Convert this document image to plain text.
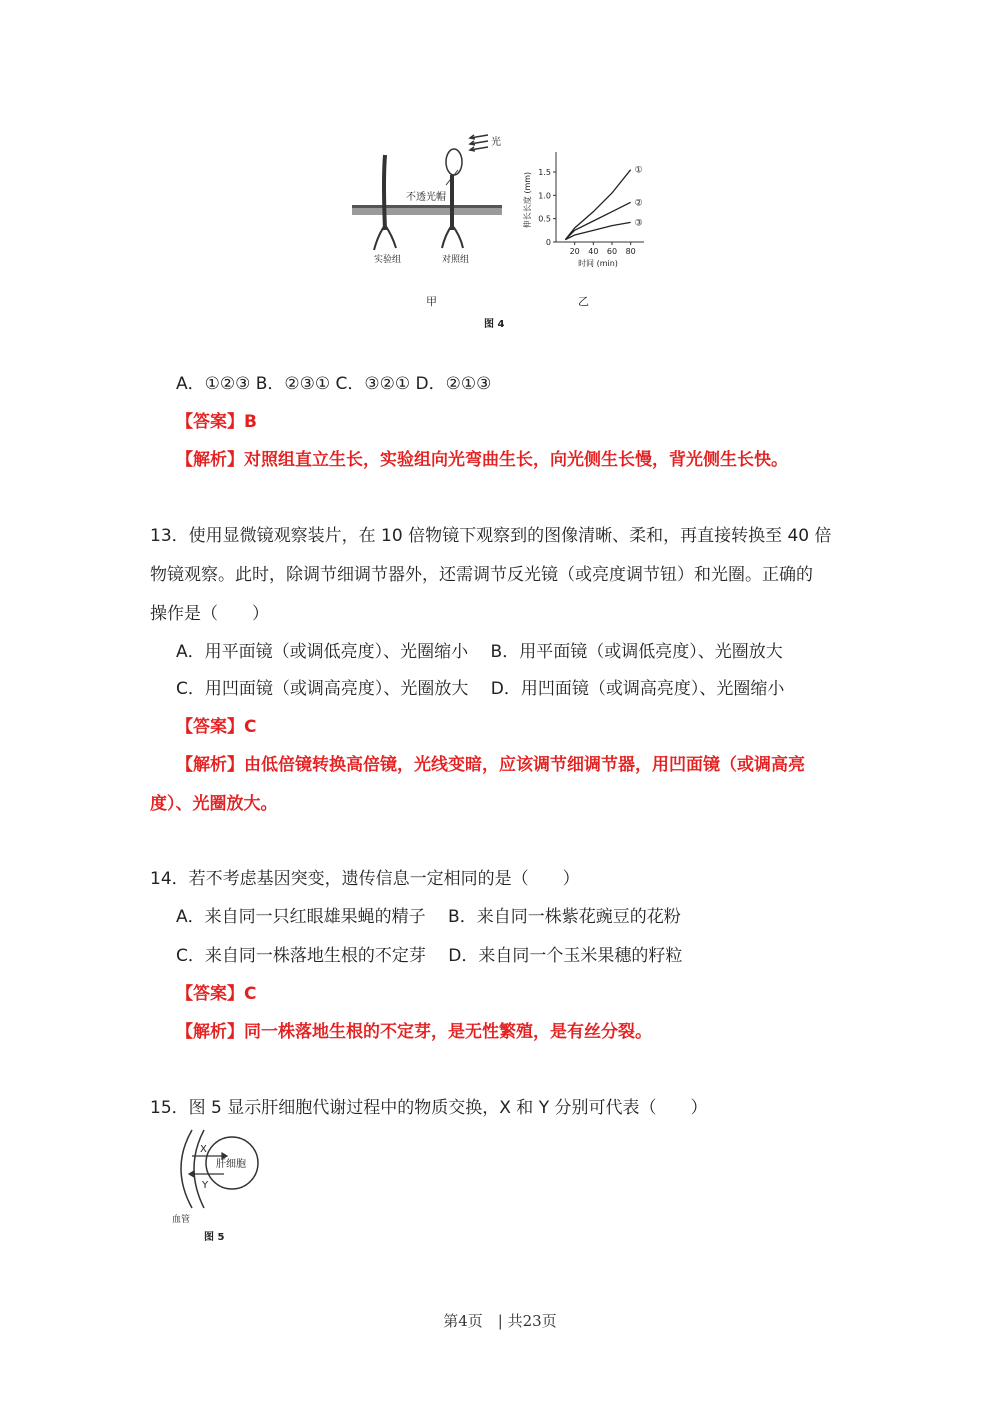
光
不透光帽
实验组	对照组
0
0.5
1.0
1.5
20 40 60 80
伸长长度 (mm)
时间 (min)
①
②
③
甲	乙
图 4
A．①②③ B．②③① C．③②① D．②①③
【答案】B
【解析】对照组直立生长，实验组向光弯曲生长，向光侧生长慢，背光侧生长快。
13．使用显微镜观察装片，在 10 倍物镜下观察到的图像清晰、柔和，再直接转换至 40 倍
物镜观察。此时，除调节细调节器外，还需调节反光镜（或亮度调节钮）和光圈。正确的
操作是（　　）
A．用平面镜（或调低亮度）、光圈缩小　 B．用平面镜（或调低亮度）、光圈放大
C．用凹面镜（或调高亮度）、光圈放大　 D．用凹面镜（或调高亮度）、光圈缩小
【答案】C
【解析】由低倍镜转换高倍镜，光线变暗，应该调节细调节器，用凹面镜（或调高亮
度）、光圈放大。
14．若不考虑基因突变，遗传信息一定相同的是（　　）
A．来自同一只红眼雄果蝇的精子　 B．来自同一株紫花豌豆的花粉
C．来自同一株落地生根的不定芽　 D．来自同一个玉米果穗的籽粒
【答案】C
【解析】同一株落地生根的不定芽，是无性繁殖，是有丝分裂。
15．图 5 显示肝细胞代谢过程中的物质交换，X 和 Y 分别可代表（　　）
X
Y
肝细胞
血管
图 5
第4页　| 共23页
